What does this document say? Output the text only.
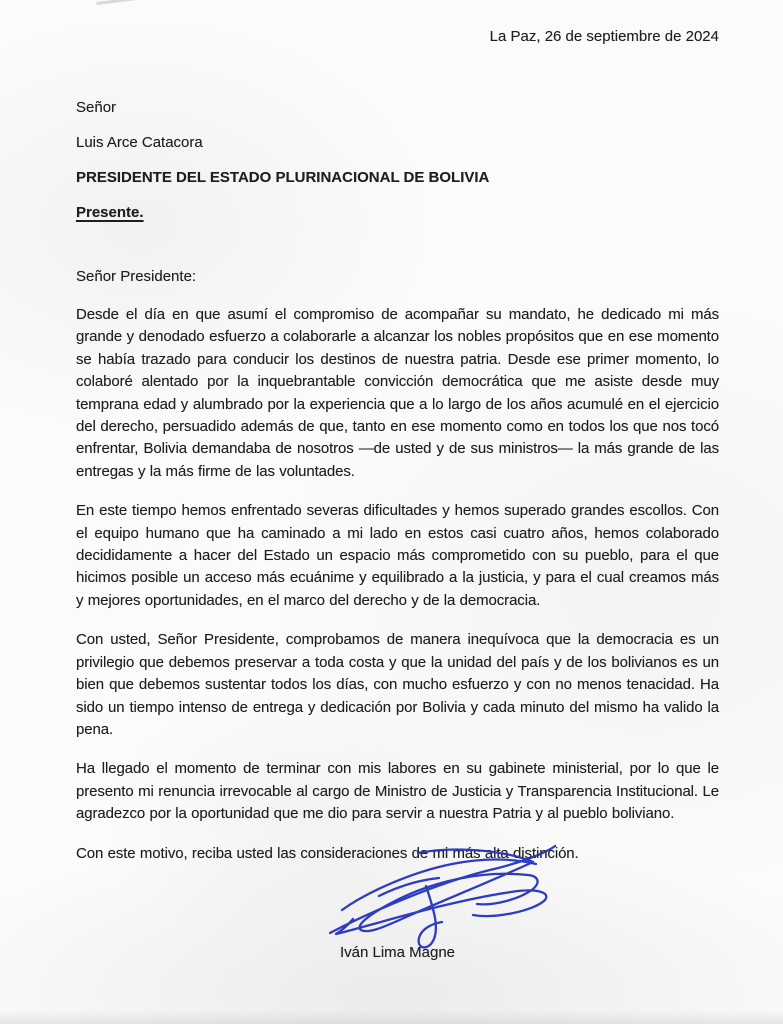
La Paz, 26 de septiembre de 2024

Señor

Luis Arce Catacora

PRESIDENTE DEL ESTADO PLURINACIONAL DE BOLIVIA

Presente.

Señor Presidente:

Desde el día en que asumí el compromiso de acompañar su mandato, he dedicado mi más grande y denodado esfuerzo a colaborarle a alcanzar los nobles propósitos que en ese momento se había trazado para conducir los destinos de nuestra patria. Desde ese primer momento, lo colaboré alentado por la inquebrantable convicción democrática que me asiste desde muy temprana edad y alumbrado por la experiencia que a lo largo de los años acumulé en el ejercicio del derecho, persuadido además de que, tanto en ese momento como en todos los que nos tocó enfrentar, Bolivia demandaba de nosotros —de usted y de sus ministros— la más grande de las entregas y la más firme de las voluntades.

En este tiempo hemos enfrentado severas dificultades y hemos superado grandes escollos. Con el equipo humano que ha caminado a mi lado en estos casi cuatro años, hemos colaborado decididamente a hacer del Estado un espacio más comprometido con su pueblo, para el que hicimos posible un acceso más ecuánime y equilibrado a la justicia, y para el cual creamos más y mejores oportunidades, en el marco del derecho y de la democracia.

Con usted, Señor Presidente, comprobamos de manera inequívoca que la democracia es un privilegio que debemos preservar a toda costa y que la unidad del país y de los bolivianos es un bien que debemos sustentar todos los días, con mucho esfuerzo y con no menos tenacidad. Ha sido un tiempo intenso de entrega y dedicación por Bolivia y cada minuto del mismo ha valido la pena.

Ha llegado el momento de terminar con mis labores en su gabinete ministerial, por lo que le presento mi renuncia irrevocable al cargo de Ministro de Justicia y Transparencia Institucional. Le agradezco por la oportunidad que me dio para servir a nuestra Patria y al pueblo boliviano.

Con este motivo, reciba usted las consideraciones de mi más alta distinción.

Iván Lima Magne
